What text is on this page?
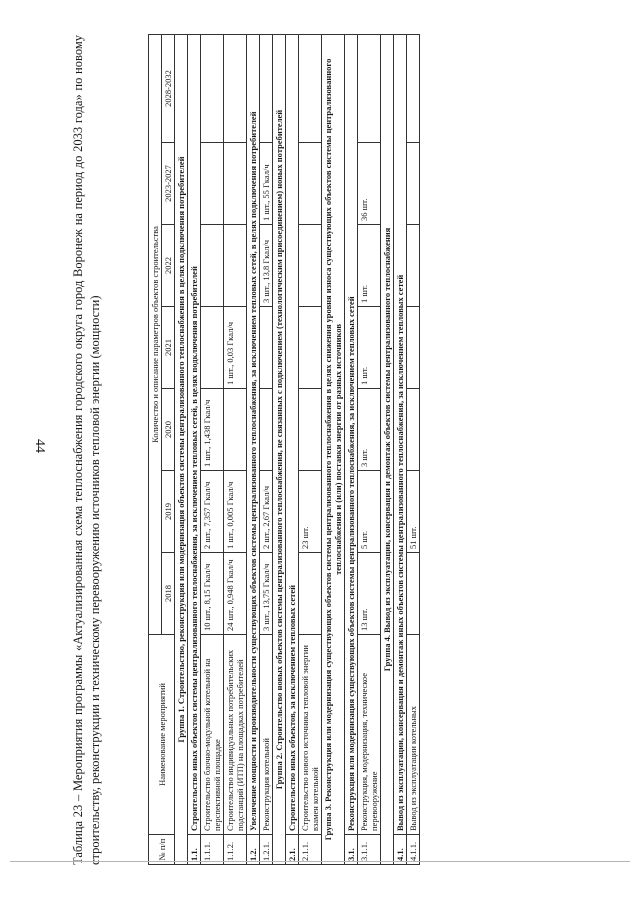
44 Таблица 23 – Мероприятия программы «Актуализированная схема теплоснабжения городского округа город Воронеж на период до 2033 года» по новому строительству, реконструкции и техническому перевооружению источников тепловой энергии (мощности)	№ п/п	Наименование мероприятий	Количество и описание параметров объектов строительства						
		2018	2019	2020	2021	2022	2023-2027	2028-2032
Группа 1. Строительство, реконструкция или модернизация объектов системы централизованного теплоснабжения в целях подключения потребителей								
1.1.	Строительство иных объектов системы централизованного теплоснабжения, за исключением тепловых сетей, в целях подключения потребителей							
1.1.1.	Строительство блочно-модульной котельной на перспективной площадке	10 шт., 8,15 Гкал/ч	2 шт., 7,357 Гкал/ч	1 шт., 1,438 Гкал/ч				
1.1.2.	Строительство индивидуальных потребительских подстанций (ИТП) на площадках потребителей	24 шт., 0,948 Гкал/ч	1 шт., 0,005 Гкал/ч		1 шт., 0,03 Гкал/ч			
1.2.	Увеличение мощности и производительности существующих объектов системы централизованного теплоснабжения, за исключением тепловых сетей, в целях подключения потребителей							
1.2.1.	Реконструкция котельной	3 шт., 13,75 Гкал/ч	2 шт., 2,67 Гкал/ч			3 шт., 13,8 Гкал/ч	1 шт., 55 Гкал/ч	
Группа 2. Строительство новых объектов системы централизованного теплоснабжения, не связанных с подключением (технологическим присоединением) новых потребителей								
2.1.	Строительство иных объектов, за исключением тепловых сетей							
2.1.1.	Строительство нового источника тепловой энергии взамен котельной		23 шт.					
Группа 3. Реконструкция или модернизация существующих объектов системы централизованного теплоснабжения в целях снижения уровня износа существующих объектов системы централизованного теплоснабжения и (или) поставки энергии от разных источников								
3.1.	Реконструкция или модернизация существующих объектов системы централизованного теплоснабжения, за исключением тепловых сетей							
3.1.1.	Реконструкция, модернизация, техническое перевооружение	13 шт.	5 шт.	3 шт.	1 шт.	1 шт.	36 шт.	
Группа 4. Вывод из эксплуатации, консервация и демонтаж объектов системы централизованного теплоснабжения								
4.1.	Вывод из эксплуатации, консервация и демонтаж иных объектов системы централизованного теплоснабжения, за исключением тепловых сетей							
4.1.1.	Вывод из эксплуатации котельных		51 шт.					
